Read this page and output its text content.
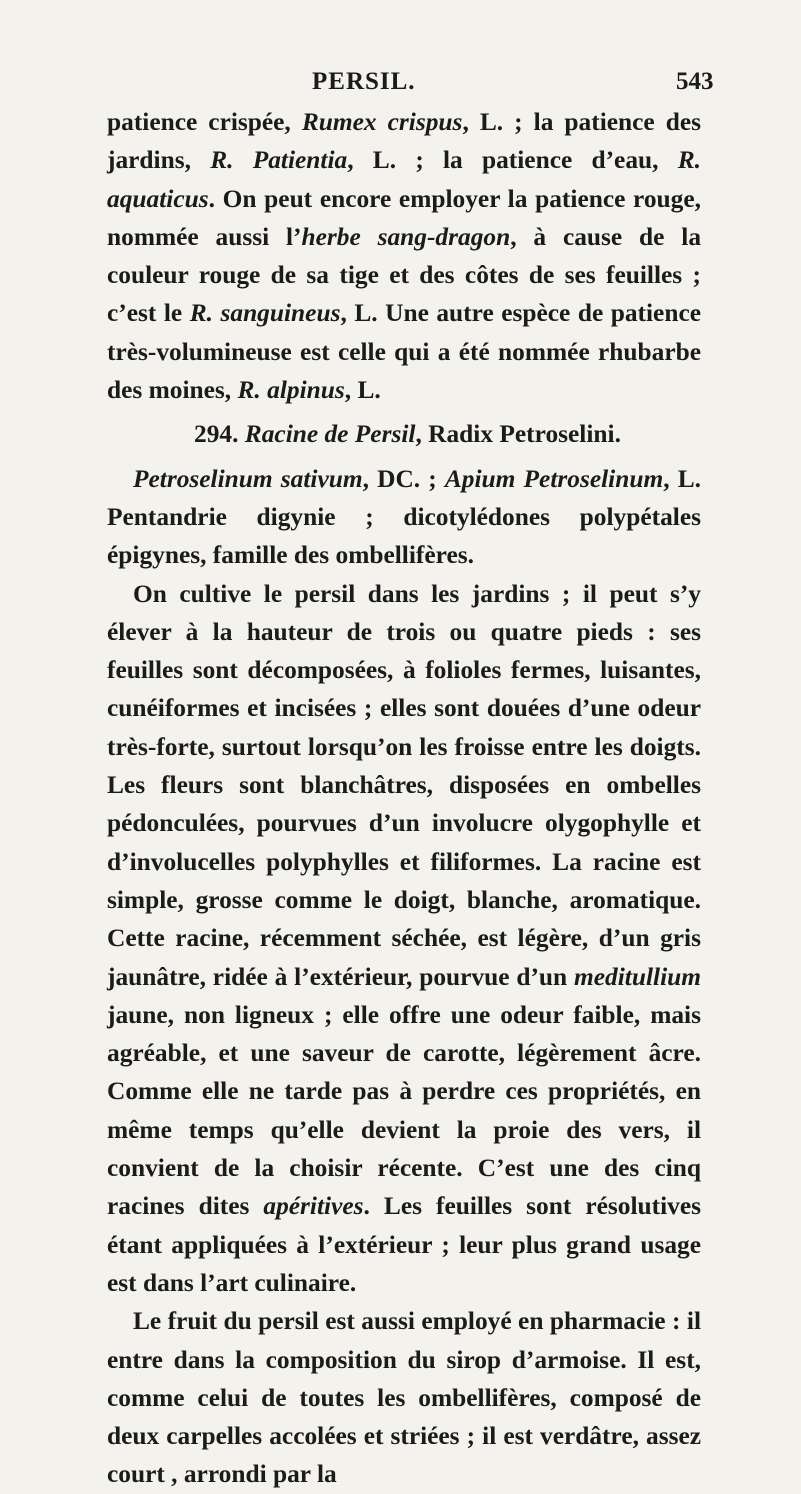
PERSIL.	543

patience crispée, Rumex crispus, L. ; la patience des jardins, R. Patientia, L. ; la patience d’eau, R. aquaticus. On peut encore employer la patience rouge, nommée aussi l’herbe sang-dragon, à cause de la couleur rouge de sa tige et des côtes de ses feuilles ; c’est le R. sanguineus, L. Une autre espèce de patience très-volumineuse est celle qui a été nommée rhubarbe des moines, R. alpinus, L.

294. Racine de Persil, Radix Petroselini.

Petroselinum sativum, DC. ; Apium Petroselinum, L. Pentandrie digynie ; dicotylédones polypétales épigynes, famille des ombellifères.

On cultive le persil dans les jardins ; il peut s’y élever à la hauteur de trois ou quatre pieds : ses feuilles sont décomposées, à folioles fermes, luisantes, cunéiformes et incisées ; elles sont douées d’une odeur très-forte, surtout lorsqu’on les froisse entre les doigts. Les fleurs sont blanchâtres, disposées en ombelles pédonculées, pourvues d’un involucre olygophylle et d’involucelles polyphylles et filiformes. La racine est simple, grosse comme le doigt, blanche, aromatique. Cette racine, récemment séchée, est légère, d’un gris jaunâtre, ridée à l’extérieur, pourvue d’un meditullium jaune, non ligneux ; elle offre une odeur faible, mais agréable, et une saveur de carotte, légèrement âcre. Comme elle ne tarde pas à perdre ces propriétés, en même temps qu’elle devient la proie des vers, il convient de la choisir récente. C’est une des cinq racines dites apéritives. Les feuilles sont résolutives étant appliquées à l’extérieur ; leur plus grand usage est dans l’art culinaire.

Le fruit du persil est aussi employé en pharmacie : il entre dans la composition du sirop d’armoise. Il est, comme celui de toutes les ombellifères, composé de deux carpelles accolées et striées ; il est verdâtre, assez court , arrondi par la
